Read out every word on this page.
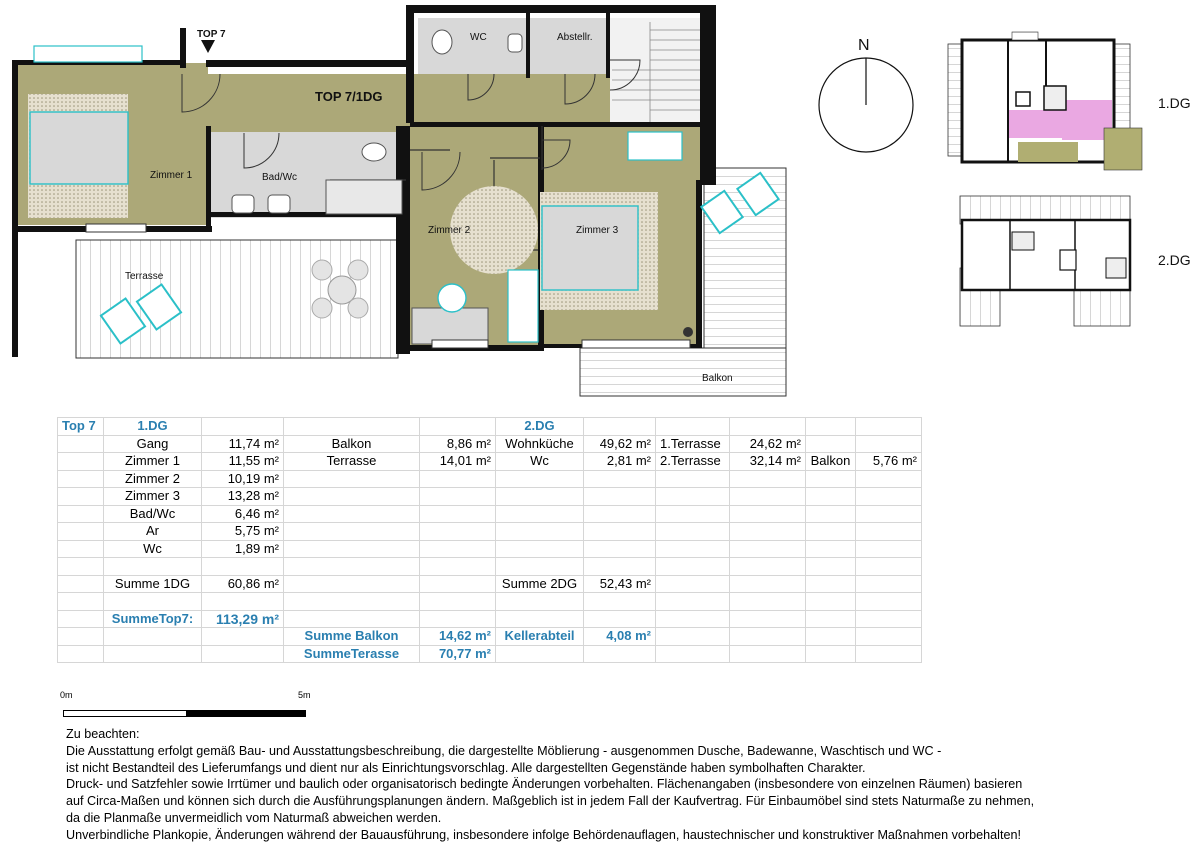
TOP 7
TOP 7/1DG
WC	Abstellr.
Zimmer 1	Bad/Wc
Zimmer 2	Zimmer 3
Terrasse
Balkon
N
1.DG
2.DG
Top 7	1.DG				2.DG					
	Gang	11,74 m²	Balkon	8,86 m²	Wohnküche	49,62 m²	1.Terrasse	24,62 m²		
	Zimmer 1	11,55 m²	Terrasse	14,01 m²	Wc	2,81 m²	2.Terrasse	32,14 m²	Balkon	5,76 m²
	Zimmer 2	10,19 m²								
	Zimmer 3	13,28 m²								
	Bad/Wc	6,46 m²								
	Ar	5,75 m²								
	Wc	1,89 m²								

	Summe 1DG	60,86 m²			Summe 2DG	52,43 m²				

	SummeTop7:	113,29 m²								
			Summe Balkon	14,62 m²	Kellerabteil	4,08 m²				
			SummeTerasse	70,77 m²						
0m	5m
Zu beachten:
Die Ausstattung erfolgt gemäß Bau- und Ausstattungsbeschreibung, die dargestellte Möblierung - ausgenommen Dusche, Badewanne, Waschtisch und WC -
ist nicht Bestandteil des Lieferumfangs und dient nur als Einrichtungsvorschlag. Alle dargestellten Gegenstände haben symbolhaften Charakter.
Druck- und Satzfehler sowie Irrtümer und baulich oder organisatorisch bedingte Änderungen vorbehalten. Flächenangaben (insbesondere von einzelnen Räumen) basieren
auf Circa-Maßen und können sich durch die Ausführungsplanungen ändern. Maßgeblich ist in jedem Fall der Kaufvertrag. Für Einbaumöbel sind stets Naturmaße zu nehmen,
da die Planmaße unvermeidlich vom Naturmaß abweichen werden.
Unverbindliche Plankopie, Änderungen während der Bauausführung, insbesondere infolge Behördenauflagen, haustechnischer und konstruktiver Maßnahmen vorbehalten!
